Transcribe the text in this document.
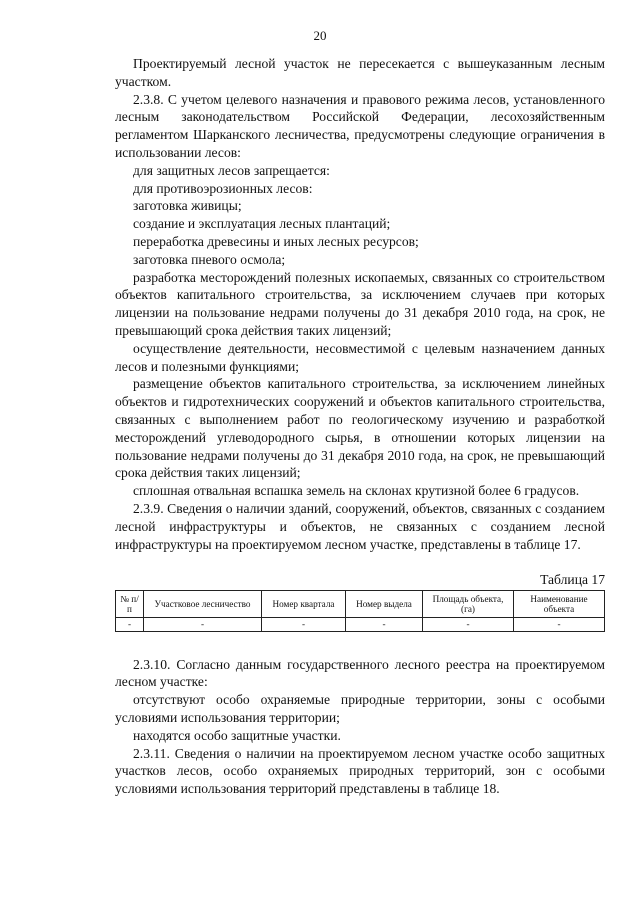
20

Проектируемый лесной участок не пересекается с вышеуказанным лесным участком.

2.3.8. С учетом целевого назначения и правового режима лесов, установленного лесным законодательством Российской Федерации, лесохозяйственным регламентом Шарканского лесничества, предусмотрены следующие ограничения в использовании лесов:

для защитных лесов запрещается:

для противоэрозионных лесов:

заготовка живицы;

создание и эксплуатация лесных плантаций;

переработка древесины и иных лесных ресурсов;

заготовка пневого осмола;

разработка месторождений полезных ископаемых, связанных со строительством объектов капитального строительства, за исключением случаев при которых лицензии на пользование недрами получены до 31 декабря 2010 года, на срок, не превышающий срока действия таких лицензий;

осуществление деятельности, несовместимой с целевым назначением данных лесов и полезными функциями;

размещение объектов капитального строительства, за исключением линейных объектов и гидротехнических сооружений и объектов капитального строительства, связанных с выполнением работ по геологическому изучению и разработкой месторождений углеводородного сырья, в отношении которых лицензии на пользование недрами получены до 31 декабря 2010 года, на срок, не превышающий срока действия таких лицензий;

сплошная отвальная вспашка земель на склонах крутизной более 6 градусов.

2.3.9. Сведения о наличии зданий, сооружений, объектов, связанных с созданием лесной инфраструктуры и объектов, не связанных с созданием лесной инфраструктуры на проектируемом лесном участке, представлены в таблице 17.

Таблица 17
№ п/п	Участковое лесничество	Номер квартала	Номер выдела	Площадь объекта, (га)	Наименование объекта
-	-	-	-	-	-

2.3.10. Согласно данным государственного лесного реестра на проектируемом лесном участке:

отсутствуют особо охраняемые природные территории, зоны с особыми условиями использования территории;

находятся особо защитные участки.

2.3.11. Сведения о наличии на проектируемом лесном участке особо защитных участков лесов, особо охраняемых природных территорий, зон с особыми условиями использования территорий представлены в таблице 18.
